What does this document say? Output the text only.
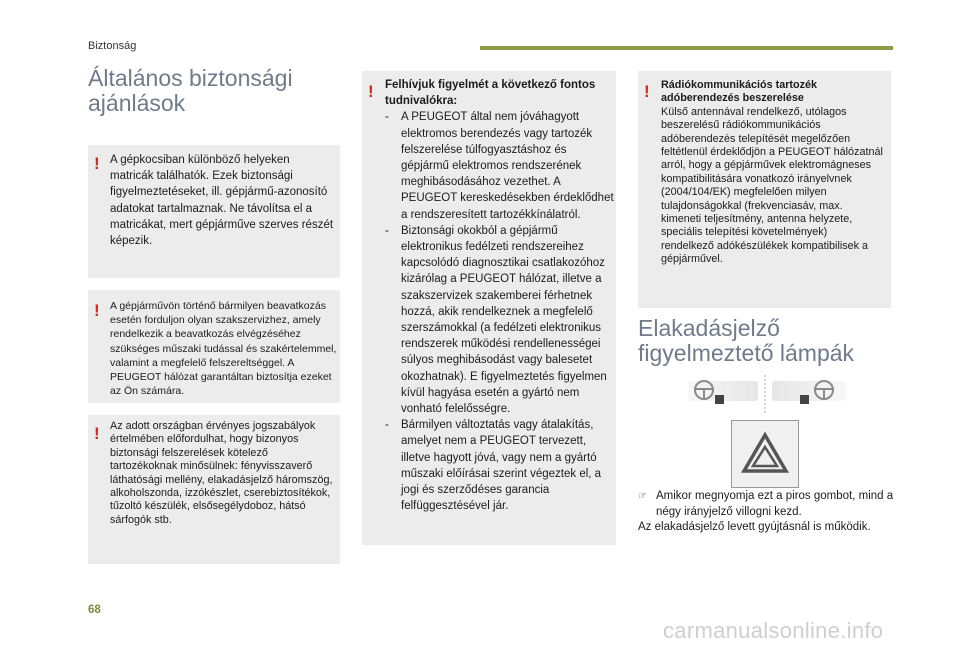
Biztonság
Általános biztonsági
ajánlások
! A gépkocsiban különböző helyeken matricák találhatók. Ezek biztonsági figyelmeztetéseket, ill. gépjármű-azonosító adatokat tartalmaznak. Ne távolítsa el a matricákat, mert gépjárműve szerves részét képezik.
! A gépjárművön történő bármilyen beavatkozás esetén forduljon olyan szakszervizhez, amely rendelkezik a beavatkozás elvégzéséhez szükséges műszaki tudással és szakértelemmel, valamint a megfelelő felszereltséggel. A PEUGEOT hálózat garantáltan biztosítja ezeket az Ön számára.
! Az adott országban érvényes jogszabályok értelmében előfordulhat, hogy bizonyos biztonsági felszerelések kötelező tartozékoknak minősülnek: fényvisszaverő láthatósági mellény, elakadásjelző háromszög, alkoholszonda, izzókészlet, cserebiztosítékok, tűzoltó készülék, elsősegélydoboz, hátsó sárfogók stb.
! Felhívjuk figyelmét a következő fontos tudnivalókra:
-	A PEUGEOT által nem jóváhagyott elektromos berendezés vagy tartozék felszerelése túlfogyasztáshoz és gépjármű elektromos rendszerének meghibásodásához vezethet. A PEUGEOT kereskedésekben érdeklődhet a rendszeresített tartozékkínálatról.
-	Biztonsági okokból a gépjármű elektronikus fedélzeti rendszereihez kapcsolódó diagnosztikai csatlakozóhoz kizárólag a PEUGEOT hálózat, illetve a szakszervizek szakemberei férhetnek hozzá, akik rendelkeznek a megfelelő szerszámokkal (a fedélzeti elektronikus rendszerek működési rendellenességei súlyos meghibásodást vagy balesetet okozhatnak). E figyelmeztetés figyelmen kívül hagyása esetén a gyártó nem vonható felelősségre.
-	Bármilyen változtatás vagy átalakítás, amelyet nem a PEUGEOT tervezett, illetve hagyott jóvá, vagy nem a gyártó műszaki előírásai szerint végeztek el, a jogi és szerződéses garancia felfüggesztésével jár.
! Rádiókommunikációs tartozék adóberendezés beszerelése
Külső antennával rendelkező, utólagos beszerelésű rádiókommunikációs adóberendezés telepítését megelőzően feltétlenül érdeklődjön a PEUGEOT hálózatnál arról, hogy a gépjárművek elektromágneses kompatibilitására vonatkozó irányelvnek (2004/104/EK) megfelelően milyen tulajdonságokkal (frekvenciasáv, max. kimeneti teljesítmény, antenna helyzete, speciális telepítési követelmények) rendelkező adókészülékek kompatibilisek a gépjárművel.
Elakadásjelző
figyelmeztető lámpák
☞ Amikor megnyomja ezt a piros gombot, mind a négy irányjelző villogni kezd.
Az elakadásjelző levett gyújtásnál is működik.
68
carmanualsonline.info
